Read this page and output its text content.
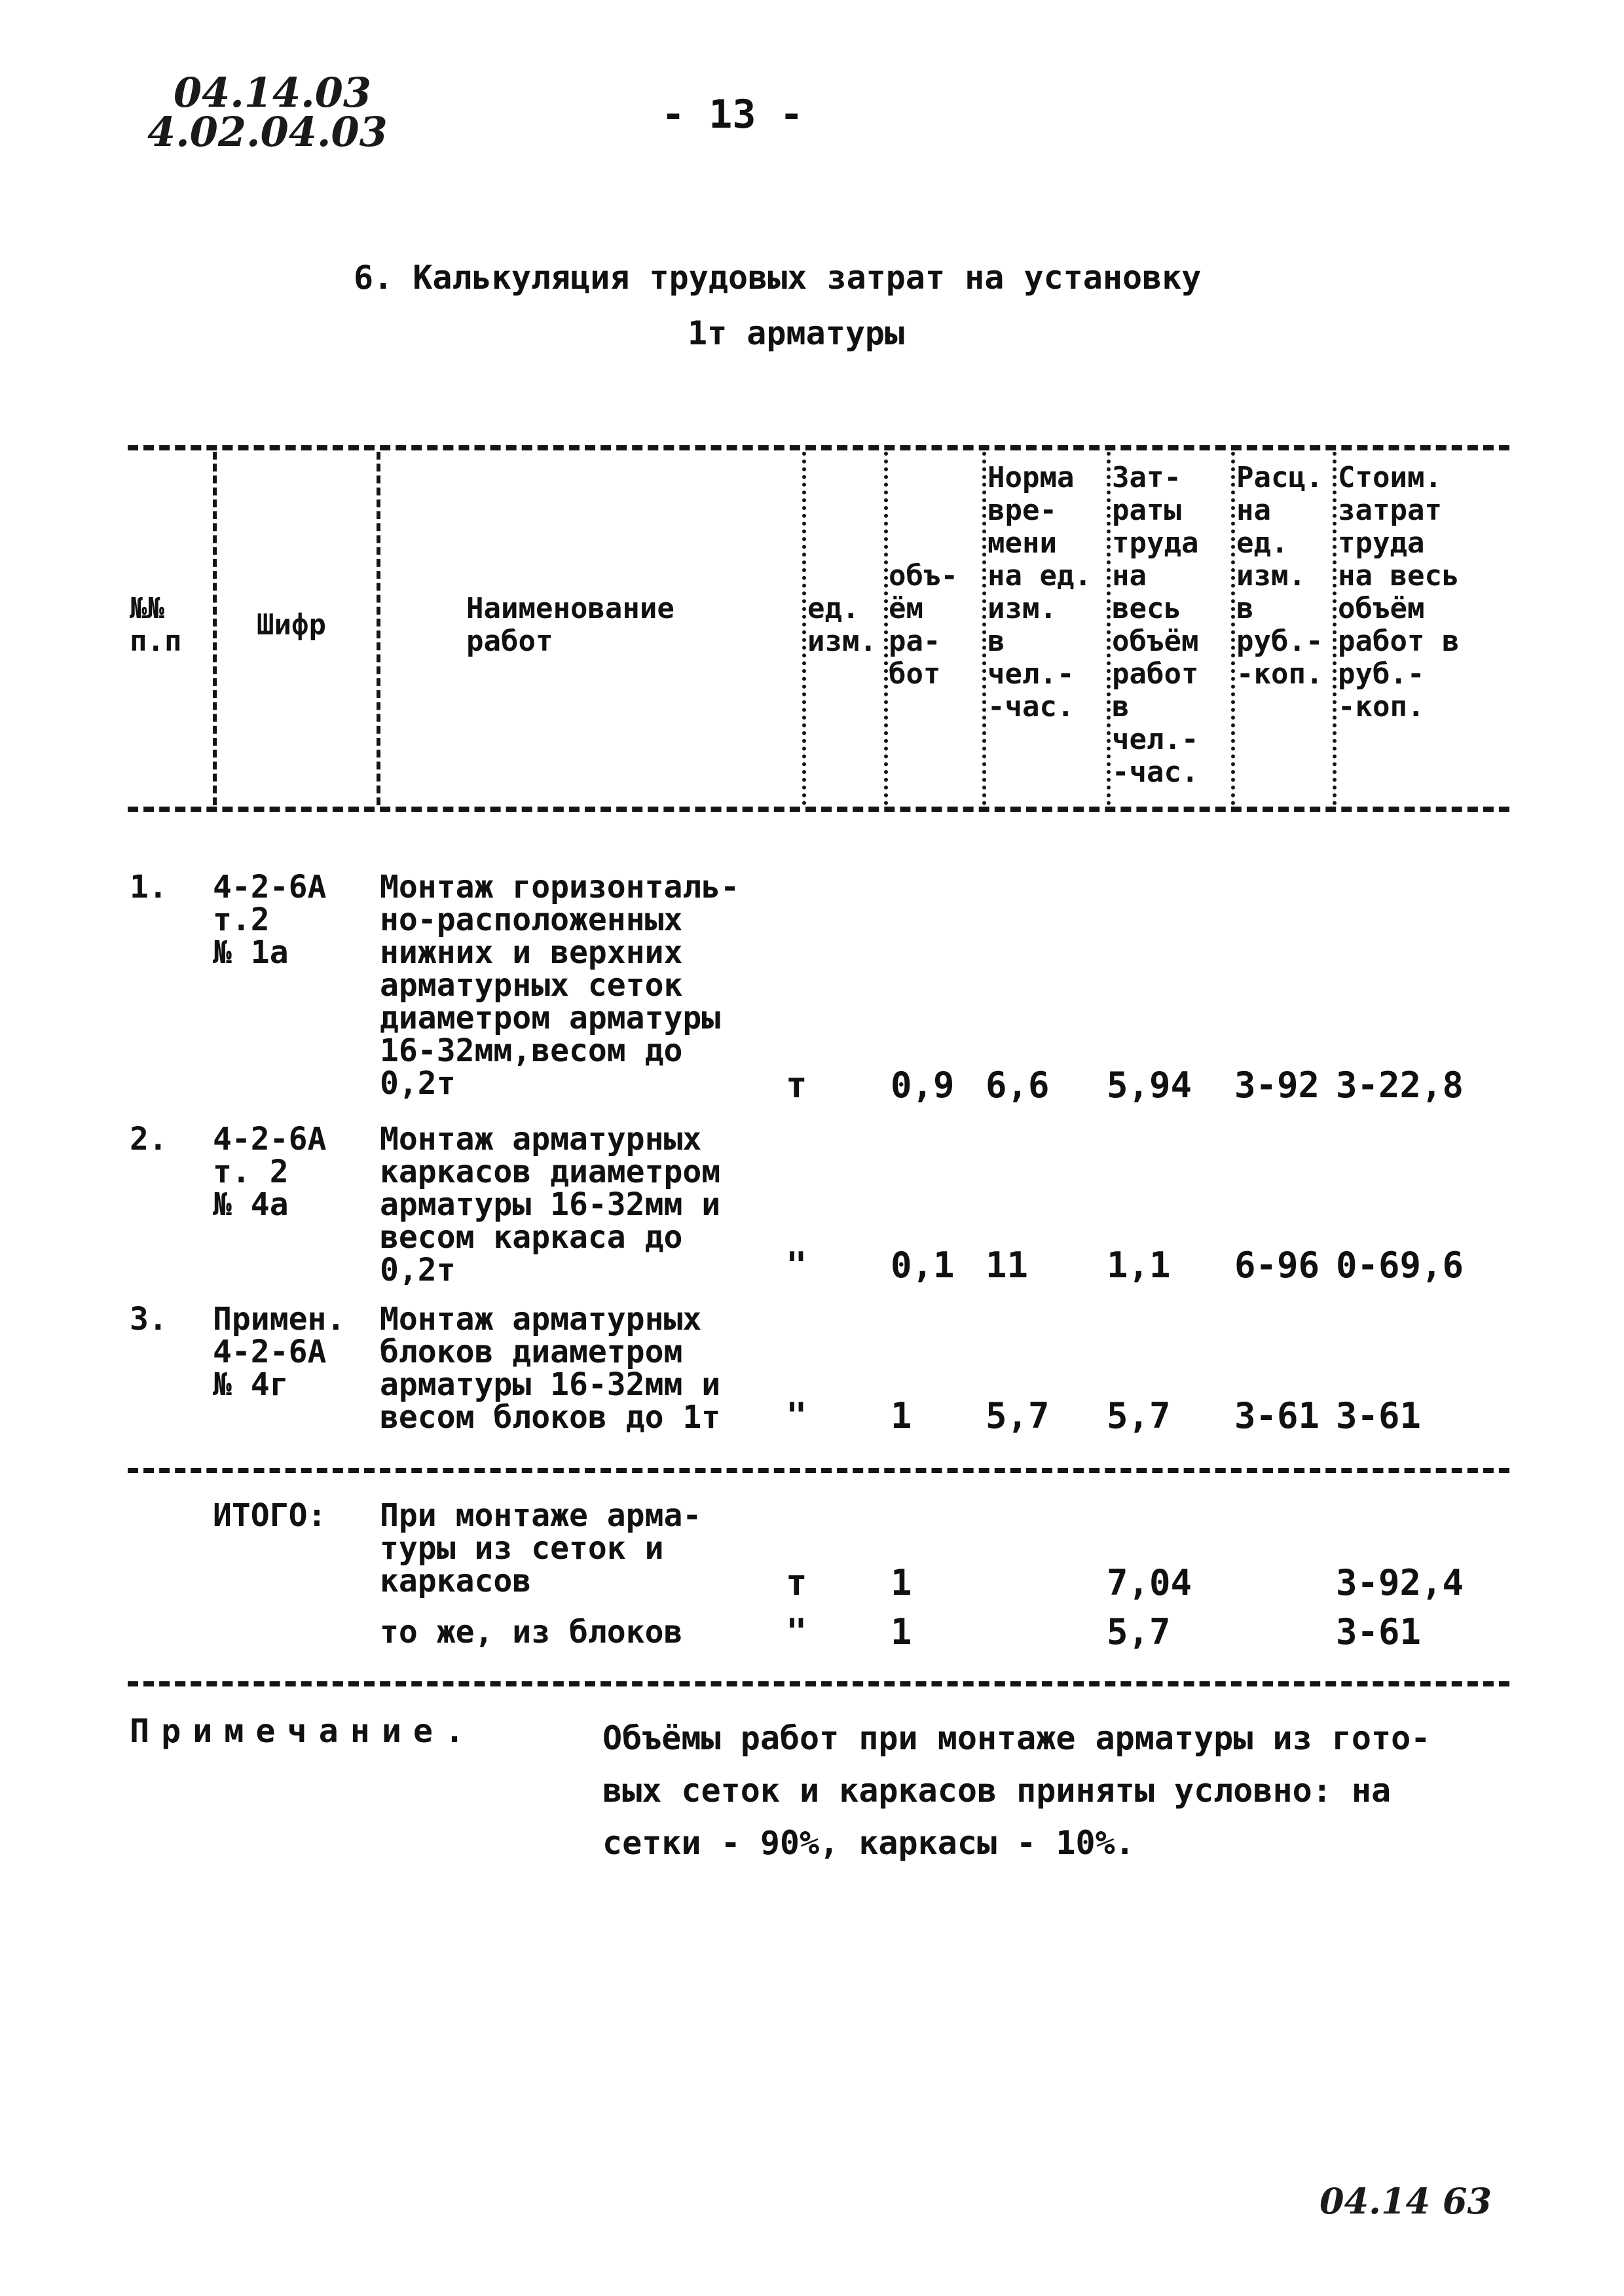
04.14.03
4.02.04.03	- 13 -
6. Калькуляция трудовых затрат на установку
1т арматуры
№№
п.п	Шифр	Наименование
работ
ед.
изм.
объ-
ём
ра-
бот
Норма
вре-
мени
на ед.
изм.
в
чел.-
-час.
Зат-
раты
труда
на
весь
объём
работ
в
чел.-
-час.
Расц.
на
ед.
изм.
в
руб.-
-коп.
Стоим.
затрат
труда
на весь
объём
работ в
руб.-
-коп.
1. 4-2-6А
т.2
№ 1а
Монтаж горизонталь-
но-расположенных
нижних и верхних
арматурных сеток
диаметром арматуры
16-32мм,весом до
0,2т	т 0,9 6,6 5,94 3-92 3-22,8
2. 4-2-6А
т. 2
№ 4а
Монтаж арматурных
каркасов диаметром
арматуры 16-32мм и
весом каркаса до
0,2т	" 0,1 11 1,1 6-96 0-69,6
3. Примен.
4-2-6А
№ 4г
Монтаж арматурных
блоков диаметром
арматуры 16-32мм и
весом блоков до 1т " 1 5,7 5,7 3-61 3-61
ИТОГО: При монтаже арма-
туры из сеток и
каркасов	т 1	7,04	3-92,4
то же, из блоков	" 1	5,7	3-61
Примечание.	Объёмы работ при монтаже арматуры из гото-
вых сеток и каркасов приняты условно: на
сетки - 90%, каркасы - 10%.
04.14 63
